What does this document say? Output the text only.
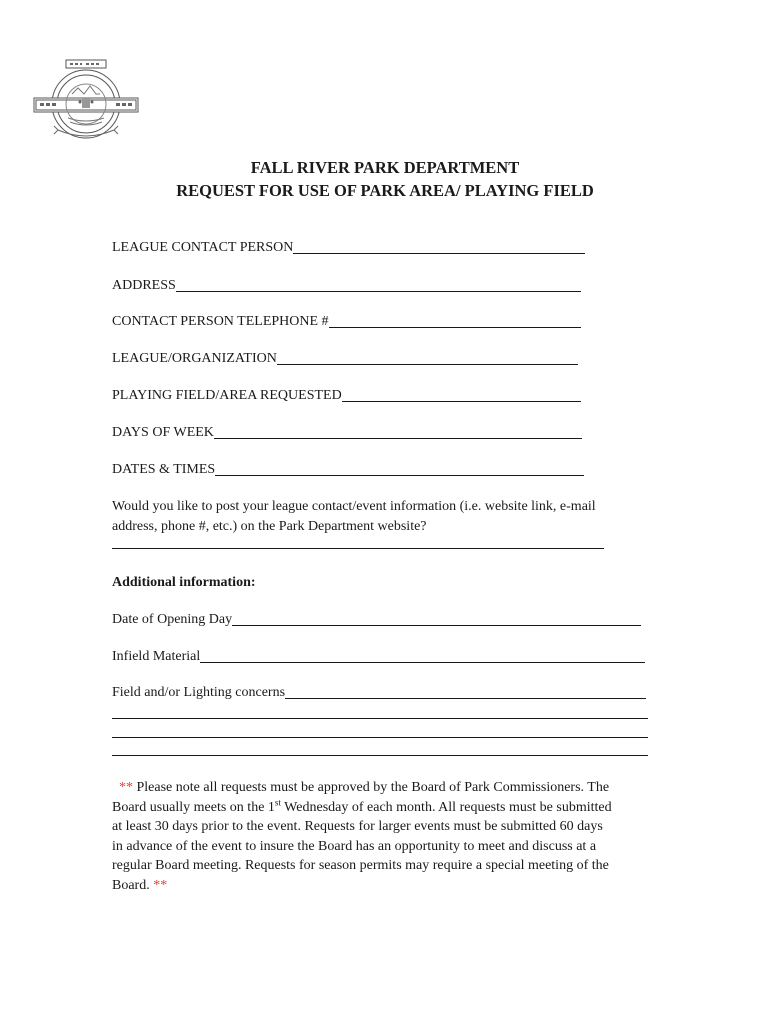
FALL RIVER PARK DEPARTMENT
REQUEST FOR USE OF PARK AREA/ PLAYING FIELD
LEAGUE CONTACT PERSON
ADDRESS
CONTACT PERSON TELEPHONE #
LEAGUE/ORGANIZATION
PLAYING FIELD/AREA REQUESTED
DAYS OF WEEK
DATES & TIMES
Would you like to post your league contact/event information (i.e. website link, e-mail
address, phone #, etc.) on the Park Department website?
Additional information:
Date of Opening Day
Infield Material
Field and/or Lighting concerns
** Please note all requests must be approved by the Board of Park Commissioners. The
Board usually meets on the 1st Wednesday of each month. All requests must be submitted
at least 30 days prior to the event. Requests for larger events must be submitted 60 days
in advance of the event to insure the Board has an opportunity to meet and discuss at a
regular Board meeting. Requests for season permits may require a special meeting of the
Board. **
